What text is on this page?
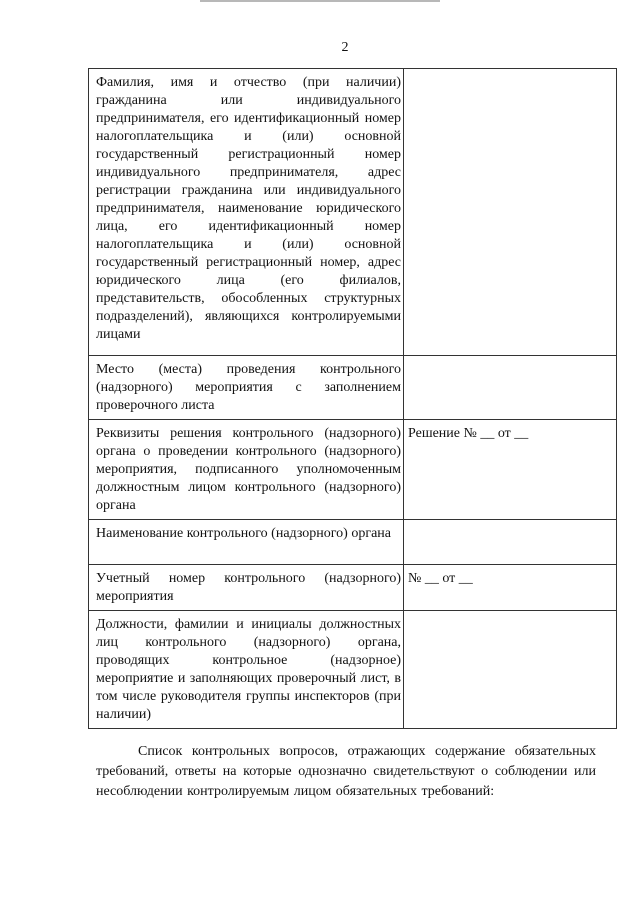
2
Фамилия, имя и отчество (при наличии) гражданина или индивидуального предпринимателя, его идентификационный номер налогоплательщика и (или) основной государственный регистрационный номер индивидуального предпринимателя, адрес регистрации гражданина или индивидуального предпринимателя, наименование юридического лица, его идентификационный номер налогоплательщика и (или) основной государственный регистрационный номер, адрес юридического лица (его филиалов, представительств, обособленных структурных подразделений), являющихся контролируемыми лицами	

Место (места) проведения контрольного (надзорного) мероприятия с заполнением проверочного листа	

Реквизиты решения контрольного (надзорного) органа о проведении контрольного (надзорного) мероприятия, подписанного уполномоченным должностным лицом контрольного (надзорного) органа	Решение № __ от __

Наименование контрольного (надзорного) органа	

Учетный номер контрольного (надзорного) мероприятия	№ __ от __

Должности, фамилии и инициалы должностных лиц контрольного (надзорного) органа, проводящих контрольное (надзорное) мероприятие и заполняющих проверочный лист, в том числе руководителя группы инспекторов (при наличии)	

Список контрольных вопросов, отражающих содержание обязательных требований, ответы на которые однозначно свидетельствуют о соблюдении или несоблюдении контролируемым лицом обязательных требований:
